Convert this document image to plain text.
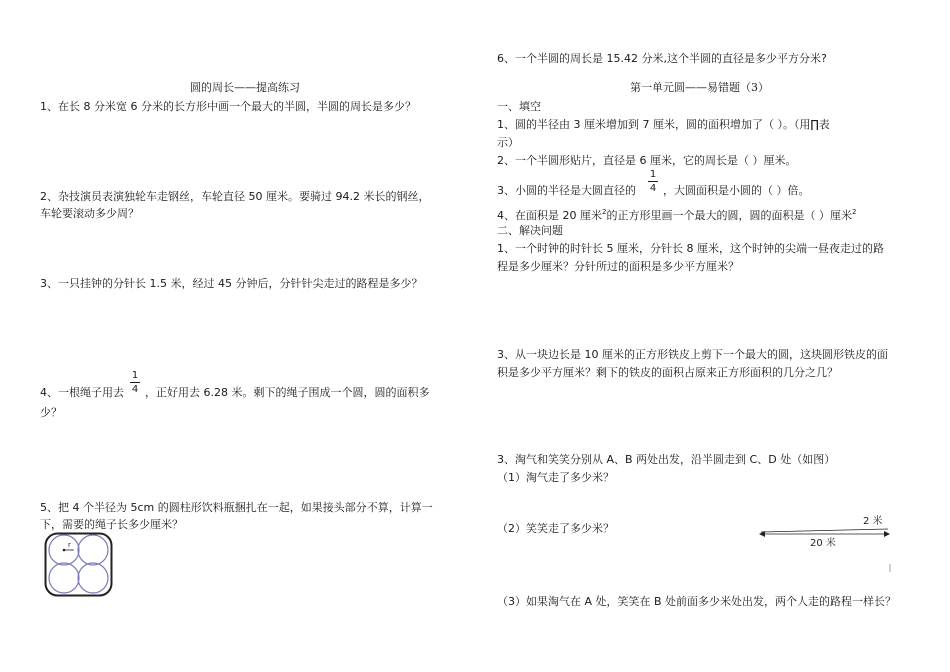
圆的周长——提高练习
1、在长 8 分米宽 6 分米的长方形中画一个最大的半圆，半圆的周长是多少？
2、杂技演员表演独轮车走钢丝，车轮直径 50 厘米。要骑过 94.2 米长的钢丝，
车轮要滚动多少周？
3、一只挂钟的分针长 1.5 米，经过 45 分钟后，分针针尖走过的路程是多少？
4、一根绳子用去
1
4 ，正好用去 6.28 米。剩下的绳子围成一个圆，圆的面积多
少？
5、把 4 个半径为 5cm 的圆柱形饮料瓶捆扎在一起，如果接头部分不算，计算一
下，需要的绳子长多少厘米？
r
6、一个半圆的周长是 15.42 分米,这个半圆的直径是多少平方分米?
第一单元圆——易错题（3）
一、填空
1、圆的半径由 3 厘米增加到 7 厘米，圆的面积增加了（ ）。（用∏表
示）
2、一个半圆形贴片，直径是 6 厘米，它的周长是（ ）厘米。
3、小圆的半径是大圆直径的
1
4 ，大圆面积是小圆的（ ）倍。
4、在面积是 20 厘米$^2$的正方形里画一个最大的圆，圆的面积是（ ）厘米$^2$
二、解决问题
1、一个时钟的时针长 5 厘米，分针长 8 厘米，这个时钟的尖端一昼夜走过的路
程是多少厘米？分针所过的面积是多少平方厘米？
3、从一块边长是 10 厘米的正方形铁皮上剪下一个最大的圆，这块圆形铁皮的面
积是多少平方厘米？剩下的铁皮的面积占原来正方形面积的几分之几？
3、淘气和笑笑分别从 A、B 两处出发，沿半圆走到 C、D 处（如图）
（1）淘气走了多少米？
（2）笑笑走了多少米？
（3）如果淘气在 A 处，笑笑在 B 处前面多少米处出发，两个人走的路程一样长？
2 米
20 米
